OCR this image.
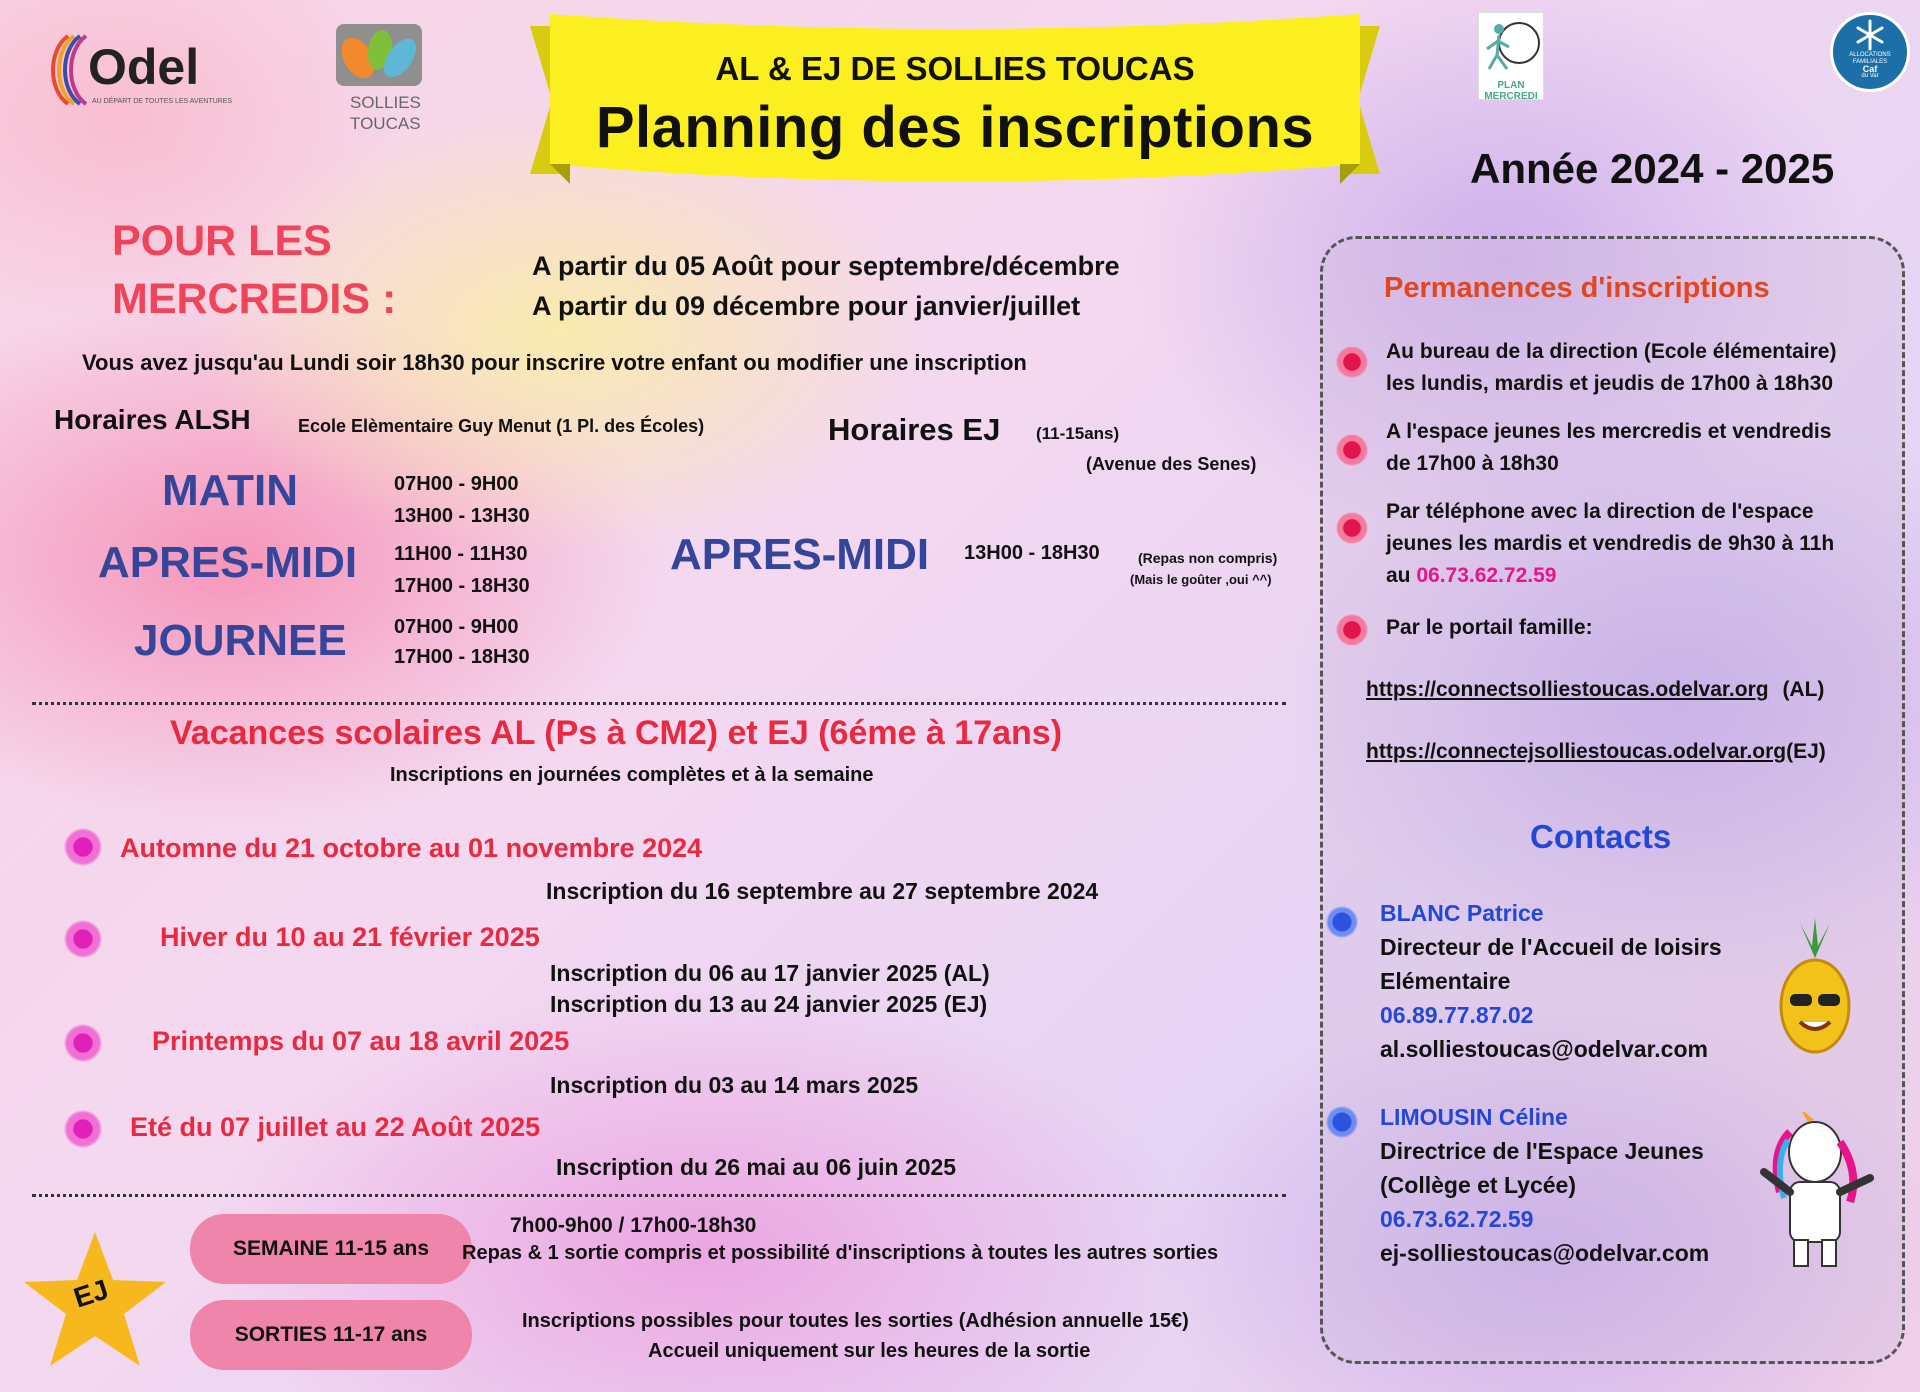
Odel
AU DÉPART DE TOUTES LES AVENTURES	SOLLIES
TOUCAS
PLAN
MERCREDI
ALLOCATIONS
FAMILIALES
Caf
du Var
AL & EJ DE SOLLIES TOUCAS
Planning des inscriptions
Année 2024 - 2025
POUR LES
MERCREDIS :
A partir du 05 Août pour septembre/décembre
A partir du 09 décembre pour janvier/juillet
Vous avez jusqu'au Lundi soir 18h30 pour inscrire votre enfant ou modifier une inscription
Horaires ALSH	Ecole Elèmentaire Guy Menut (1 Pl. des Écoles)	Horaires EJ (11-15ans)
(Avenue des Senes)
MATIN	07H00 - 9H00
13H00 - 13H30
APRES-MIDI 11H00 - 11H30
17H00 - 18H30
JOURNEE 07H00 - 9H00
17H00 - 18H30
APRES-MIDI 13H00 - 18H30	(Repas non compris)
(Mais le goûter ,oui ^^)
Vacances scolaires AL (Ps à CM2) et EJ (6éme à 17ans)
Inscriptions en journées complètes et à la semaine
Automne du 21 octobre au 01 novembre 2024
Inscription du 16 septembre au 27 septembre 2024
Hiver du 10 au 21 février 2025
Inscription du 06 au 17 janvier 2025 (AL)
Inscription du 13 au 24 janvier 2025 (EJ)
Printemps du 07 au 18 avril 2025
Inscription du 03 au 14 mars 2025
Eté du 07 juillet au 22 Août 2025
Inscription du 26 mai au 06 juin 2025
EJ
SEMAINE 11-15 ans
7h00-9h00 / 17h00-18h30
Repas & 1 sortie compris et possibilité d'inscriptions à toutes les autres sorties
SORTIES 11-17 ans
Inscriptions possibles pour toutes les sorties (Adhésion annuelle 15€)
Accueil uniquement sur les heures de la sortie
Permanences d'inscriptions
Au bureau de la direction (Ecole élémentaire)
les lundis, mardis et jeudis de 17h00 à 18h30
A l'espace jeunes les mercredis et vendredis
de 17h00 à 18h30
Par téléphone avec la direction de l'espace
jeunes les mardis et vendredis de 9h30 à 11h
au 06.73.62.72.59
Par le portail famille:
https://connectsolliestoucas.odelvar.org (AL)
https://connectejsolliestoucas.odelvar.org(EJ)
Contacts
BLANC Patrice
Directeur de l'Accueil de loisirs
Elémentaire
06.89.77.87.02
al.solliestoucas@odelvar.com
LIMOUSIN Céline
Directrice de l'Espace Jeunes
(Collège et Lycée)
06.73.62.72.59
ej-solliestoucas@odelvar.com
